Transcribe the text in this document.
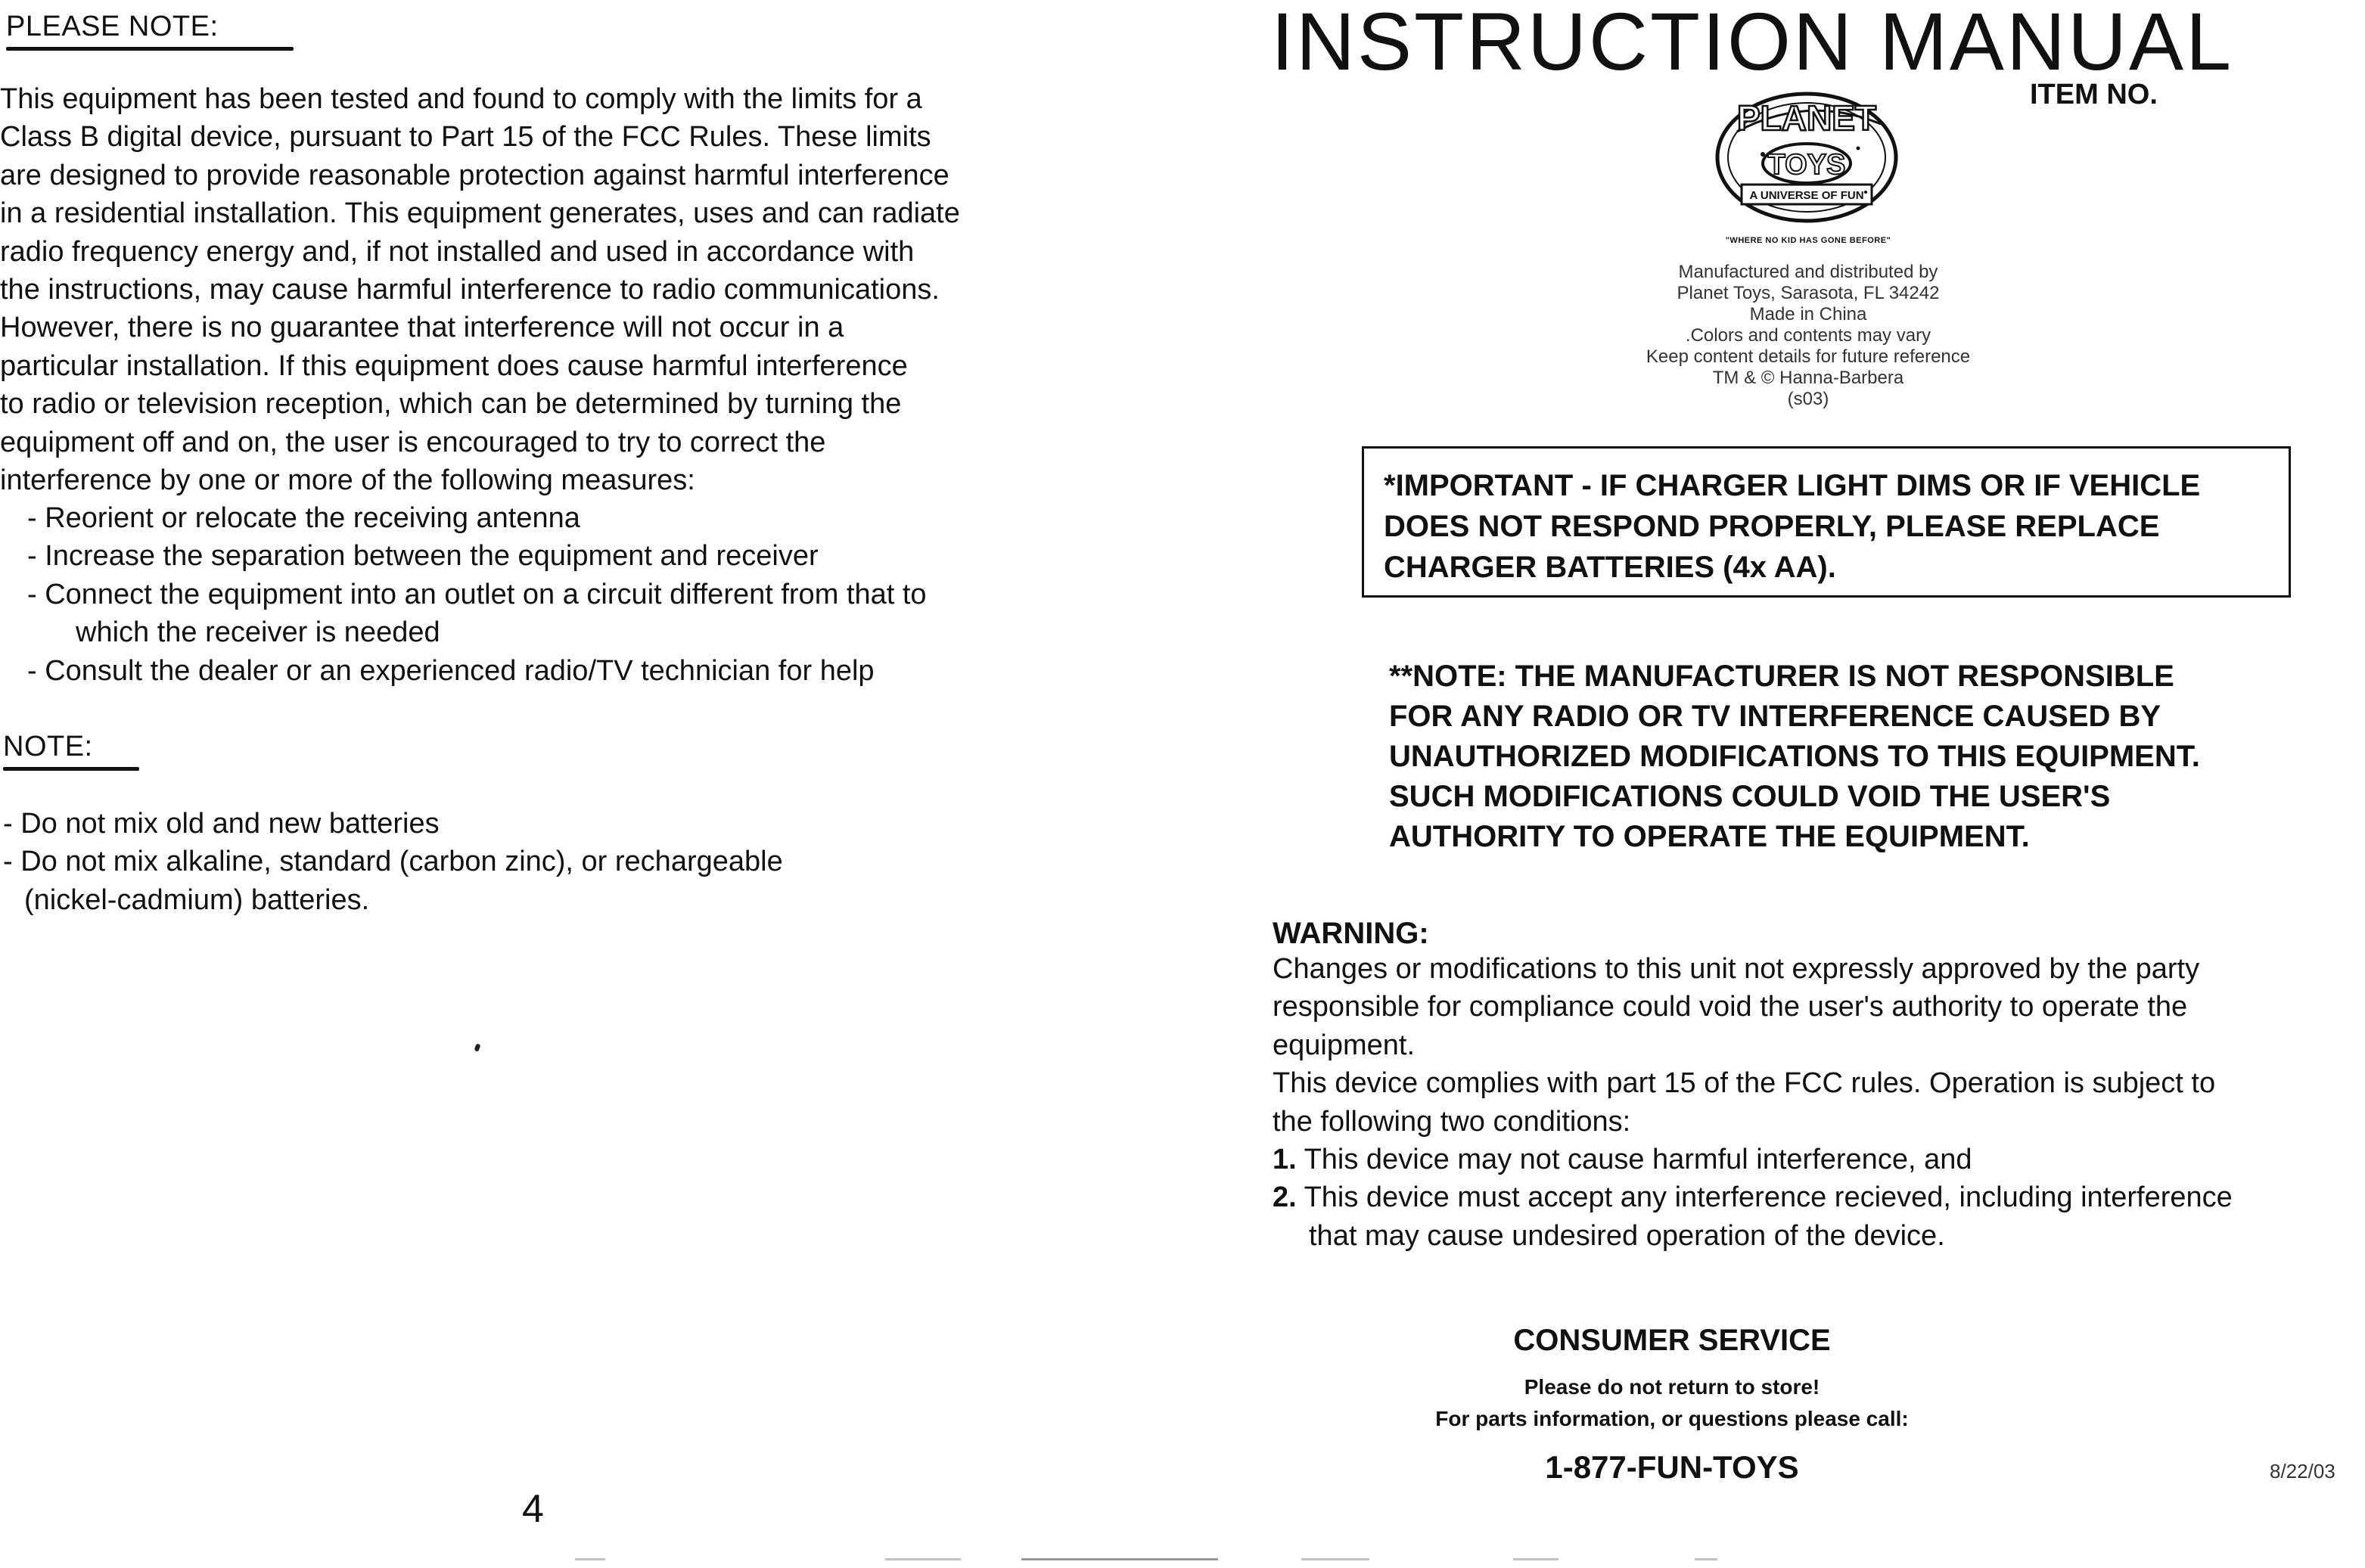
PLEASE NOTE:
This equipment has been tested and found to comply with the limits for a
Class B digital device, pursuant to Part 15 of the FCC Rules. These limits
are designed to provide reasonable protection against harmful interference
in a residential installation. This equipment generates, uses and can radiate
radio frequency energy and, if not installed and used in accordance with
the instructions, may cause harmful interference to radio communications.
However, there is no guarantee that interference will not occur in a
particular installation. If this equipment does cause harmful interference
to radio or television reception, which can be determined by turning the
equipment off and on, the user is encouraged to try to correct the
interference by one or more of the following measures:
- Reorient or relocate the receiving antenna
- Increase the separation between the equipment and receiver
- Connect the equipment into an outlet on a circuit different from that to
which the receiver is needed
- Consult the dealer or an experienced radio/TV technician for help
NOTE:
- Do not mix old and new batteries
- Do not mix alkaline, standard (carbon zinc), or rechargeable
(nickel-cadmium) batteries.
4
INSTRUCTION MANUAL
ITEM NO.
PLANET
TOYS
A UNIVERSE OF FUN
"WHERE NO KID HAS GONE BEFORE"
Manufactured and distributed by
Planet Toys, Sarasota, FL 34242
Made in China
.Colors and contents may vary
Keep content details for future reference
TM & © Hanna-Barbera
(s03)
*IMPORTANT - IF CHARGER LIGHT DIMS OR IF VEHICLE
DOES NOT RESPOND PROPERLY, PLEASE REPLACE
CHARGER BATTERIES (4x AA).
**NOTE: THE MANUFACTURER IS NOT RESPONSIBLE
FOR ANY RADIO OR TV INTERFERENCE CAUSED BY
UNAUTHORIZED MODIFICATIONS TO THIS EQUIPMENT.
SUCH MODIFICATIONS COULD VOID THE USER'S
AUTHORITY TO OPERATE THE EQUIPMENT.
WARNING:
Changes or modifications to this unit not expressly approved by the party
responsible for compliance could void the user's authority to operate the
equipment.
This device complies with part 15 of the FCC rules. Operation is subject to
the following two conditions:
1. This device may not cause harmful interference, and
2. This device must accept any interference recieved, including interference
that may cause undesired operation of the device.
CONSUMER SERVICE
Please do not return to store!
For parts information, or questions please call:
1-877-FUN-TOYS	8/22/03
